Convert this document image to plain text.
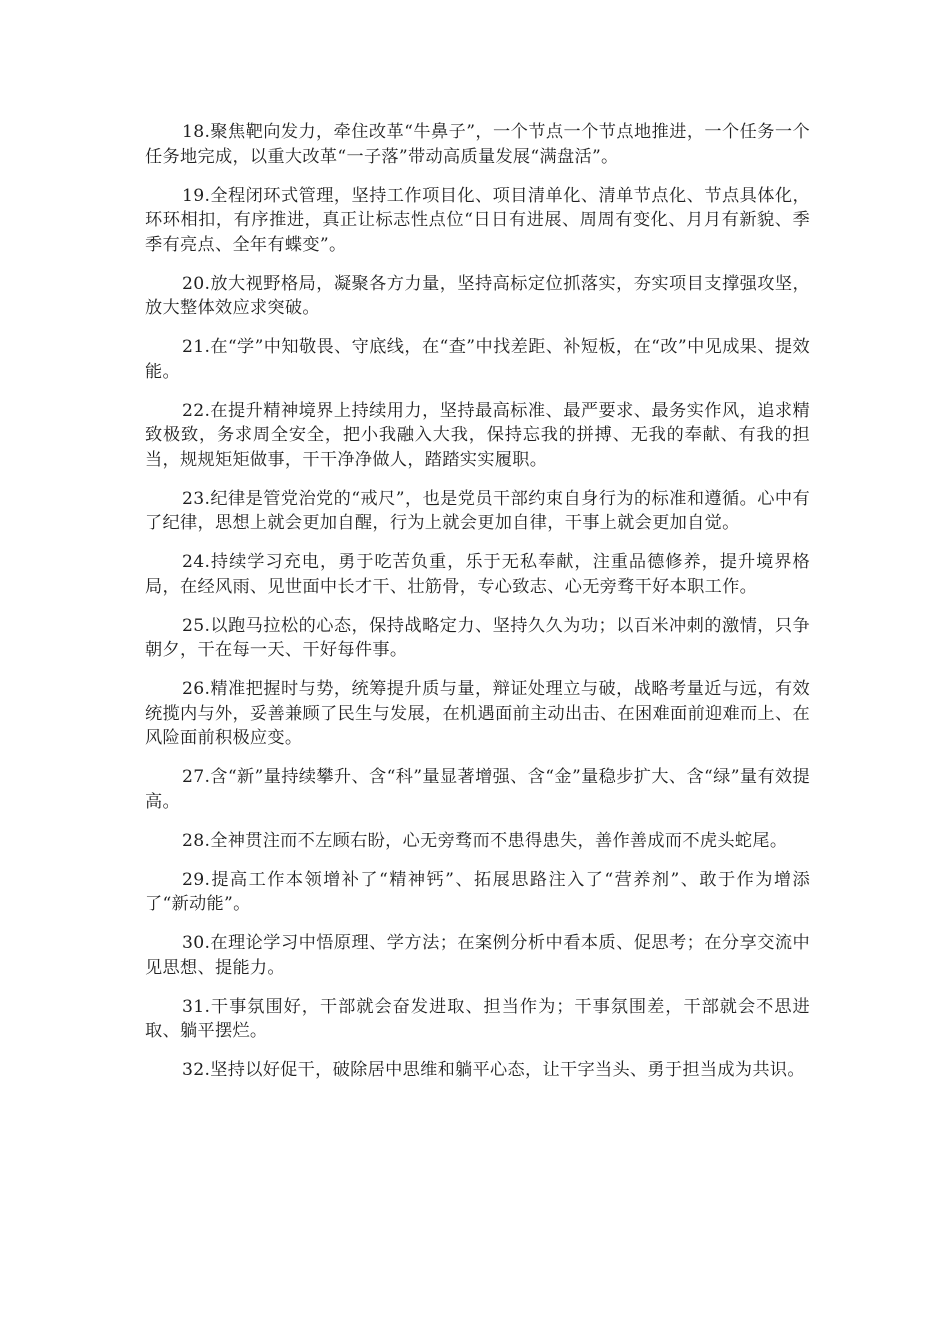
18.聚焦靶向发力，牵住改革“牛鼻子”，一个节点一个节点地推进，一个任务一个任务地完成，以重大改革“一子落”带动高质量发展“满盘活”。

19.全程闭环式管理，坚持工作项目化、项目清单化、清单节点化、节点具体化，环环相扣，有序推进，真正让标志性点位“日日有进展、周周有变化、月月有新貌、季季有亮点、全年有蝶变”。

20.放大视野格局，凝聚各方力量，坚持高标定位抓落实，夯实项目支撑强攻坚，放大整体效应求突破。

21.在“学”中知敬畏、守底线，在“查”中找差距、补短板，在“改”中见成果、提效能。

22.在提升精神境界上持续用力，坚持最高标准、最严要求、最务实作风，追求精致极致，务求周全安全，把小我融入大我，保持忘我的拼搏、无我的奉献、有我的担当，规规矩矩做事，干干净净做人，踏踏实实履职。

23.纪律是管党治党的“戒尺”，也是党员干部约束自身行为的标准和遵循。心中有了纪律，思想上就会更加自醒，行为上就会更加自律，干事上就会更加自觉。

24.持续学习充电，勇于吃苦负重，乐于无私奉献，注重品德修养，提升境界格局，在经风雨、见世面中长才干、壮筋骨，专心致志、心无旁骛干好本职工作。

25.以跑马拉松的心态，保持战略定力、坚持久久为功；以百米冲刺的激情，只争朝夕，干在每一天、干好每件事。

26.精准把握时与势，统筹提升质与量，辩证处理立与破，战略考量近与远，有效统揽内与外，妥善兼顾了民生与发展，在机遇面前主动出击、在困难面前迎难而上、在风险面前积极应变。

27.含“新”量持续攀升、含“科”量显著增强、含“金”量稳步扩大、含“绿”量有效提高。

28.全神贯注而不左顾右盼，心无旁骛而不患得患失，善作善成而不虎头蛇尾。

29.提高工作本领增补了“精神钙”、拓展思路注入了“营养剂”、敢于作为增添了“新动能”。

30.在理论学习中悟原理、学方法；在案例分析中看本质、促思考；在分享交流中见思想、提能力。

31.干事氛围好，干部就会奋发进取、担当作为；干事氛围差，干部就会不思进取、躺平摆烂。

32.坚持以好促干，破除居中思维和躺平心态，让干字当头、勇于担当成为共识。
